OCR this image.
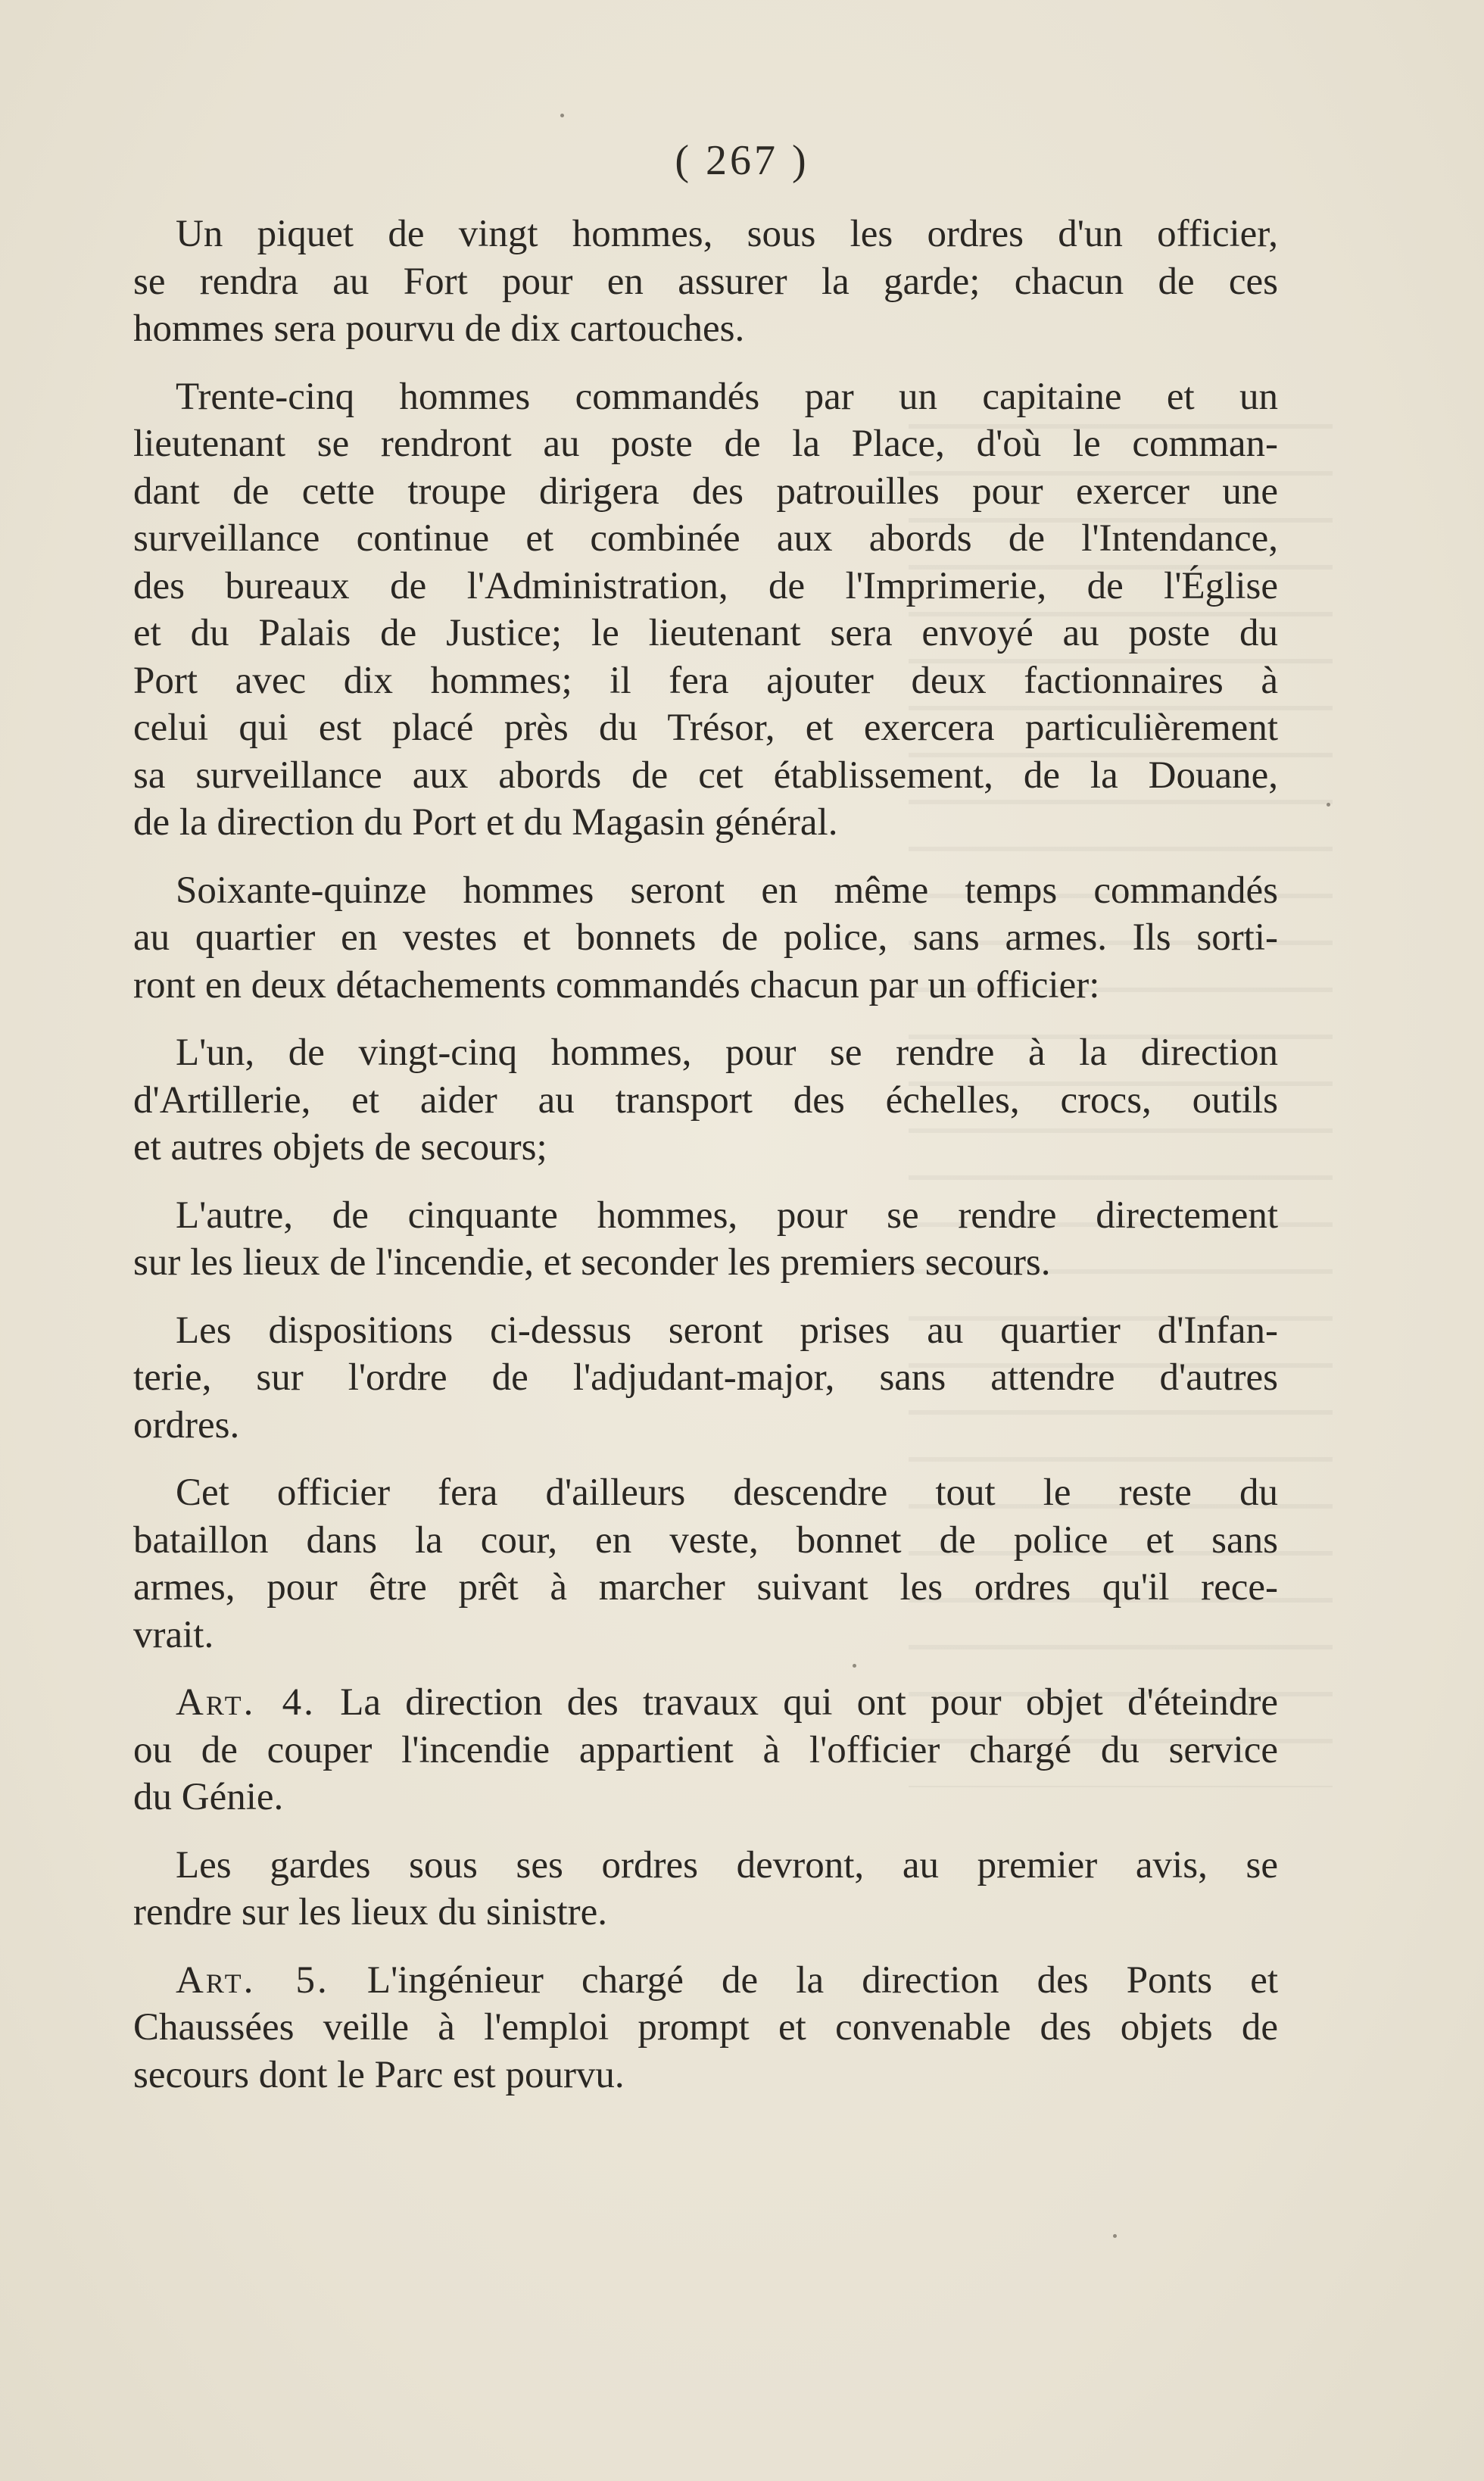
( 267 )

Un piquet de vingt hommes, sous les ordres d'un officier,
se rendra au Fort pour en assurer la garde; chacun de ces
hommes sera pourvu de dix cartouches.

Trente-cinq hommes commandés par un capitaine et un
lieutenant se rendront au poste de la Place, d'où le comman-
dant de cette troupe dirigera des patrouilles pour exercer une
surveillance continue et combinée aux abords de l'Intendance,
des bureaux de l'Administration, de l'Imprimerie, de l'Église
et du Palais de Justice; le lieutenant sera envoyé au poste du
Port avec dix hommes; il fera ajouter deux factionnaires à
celui qui est placé près du Trésor, et exercera particulièrement
sa surveillance aux abords de cet établissement, de la Douane,
de la direction du Port et du Magasin général.

Soixante-quinze hommes seront en même temps commandés
au quartier en vestes et bonnets de police, sans armes. Ils sorti-
ront en deux détachements commandés chacun par un officier:

L'un, de vingt-cinq hommes, pour se rendre à la direction
d'Artillerie, et aider au transport des échelles, crocs, outils
et autres objets de secours;

L'autre, de cinquante hommes, pour se rendre directement
sur les lieux de l'incendie, et seconder les premiers secours.

Les dispositions ci-dessus seront prises au quartier d'Infan-
terie, sur l'ordre de l'adjudant-major, sans attendre d'autres
ordres.

Cet officier fera d'ailleurs descendre tout le reste du
bataillon dans la cour, en veste, bonnet de police et sans
armes, pour être prêt à marcher suivant les ordres qu'il rece-
vrait.

Art. 4. La direction des travaux qui ont pour objet d'éteindre
ou de couper l'incendie appartient à l'officier chargé du service
du Génie.

Les gardes sous ses ordres devront, au premier avis, se
rendre sur les lieux du sinistre.

Art. 5. L'ingénieur chargé de la direction des Ponts et
Chaussées veille à l'emploi prompt et convenable des objets de
secours dont le Parc est pourvu.
